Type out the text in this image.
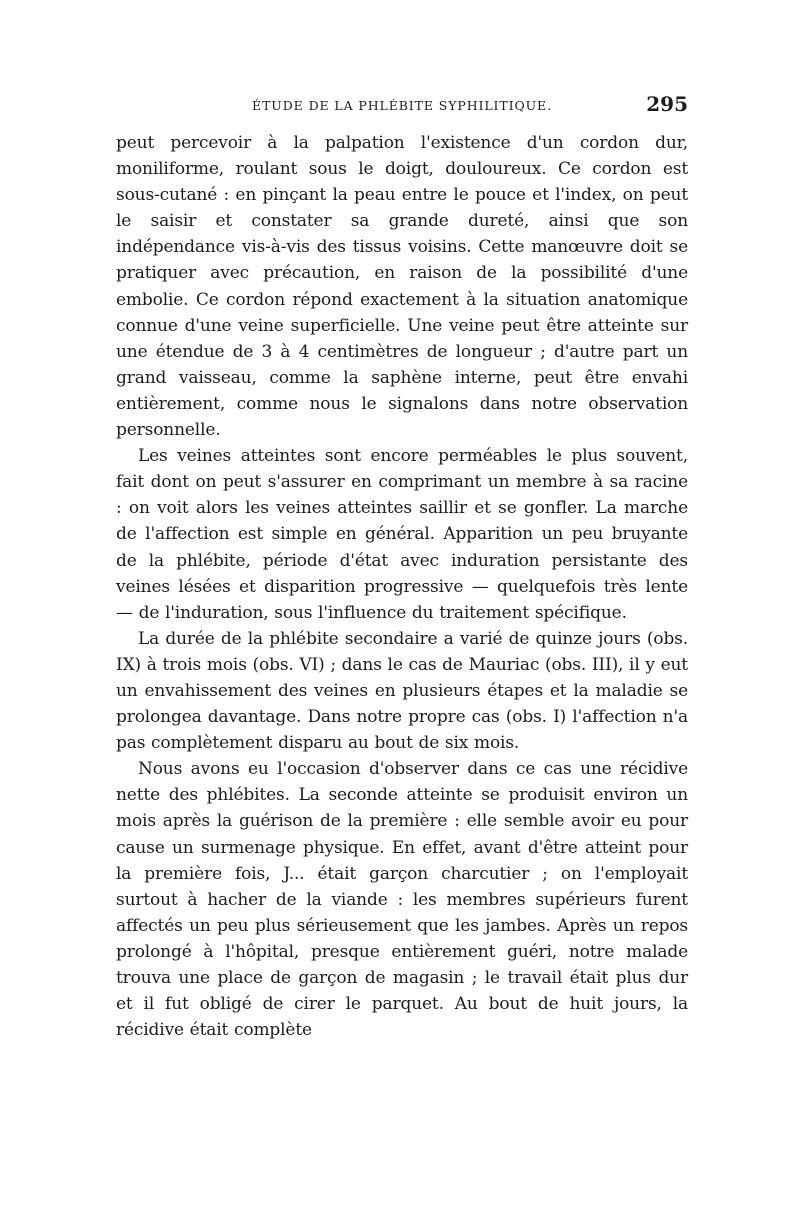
ÉTUDE DE LA PHLÉBITE SYPHILITIQUE.	295

peut percevoir à la palpation l'existence d'un cordon dur, moniliforme, roulant sous le doigt, douloureux. Ce cordon est sous-cutané : en pinçant la peau entre le pouce et l'index, on peut le saisir et constater sa grande dureté, ainsi que son indépendance vis-à-vis des tissus voisins. Cette manœuvre doit se pratiquer avec précaution, en raison de la possibilité d'une embolie. Ce cordon répond exactement à la situation anatomique connue d'une veine superficielle. Une veine peut être atteinte sur une étendue de 3 à 4 centimètres de longueur ; d'autre part un grand vaisseau, comme la saphène interne, peut être envahi entièrement, comme nous le signalons dans notre observation personnelle.

Les veines atteintes sont encore perméables le plus souvent, fait dont on peut s'assurer en comprimant un membre à sa racine : on voit alors les veines atteintes saillir et se gonfler. La marche de l'affection est simple en général. Apparition un peu bruyante de la phlébite, période d'état avec induration persistante des veines lésées et disparition progressive — quelquefois très lente — de l'induration, sous l'influence du traitement spécifique.

La durée de la phlébite secondaire a varié de quinze jours (obs. IX) à trois mois (obs. VI) ; dans le cas de Mauriac (obs. III), il y eut un envahissement des veines en plusieurs étapes et la maladie se prolongea davantage. Dans notre propre cas (obs. I) l'affection n'a pas complètement disparu au bout de six mois.

Nous avons eu l'occasion d'observer dans ce cas une récidive nette des phlébites. La seconde atteinte se produisit environ un mois après la guérison de la première : elle semble avoir eu pour cause un surmenage physique. En effet, avant d'être atteint pour la première fois, J... était garçon charcutier ; on l'employait surtout à hacher de la viande : les membres supérieurs furent affectés un peu plus sérieusement que les jambes. Après un repos prolongé à l'hôpital, presque entièrement guéri, notre malade trouva une place de garçon de magasin ; le travail était plus dur et il fut obligé de cirer le parquet. Au bout de huit jours, la récidive était complète
